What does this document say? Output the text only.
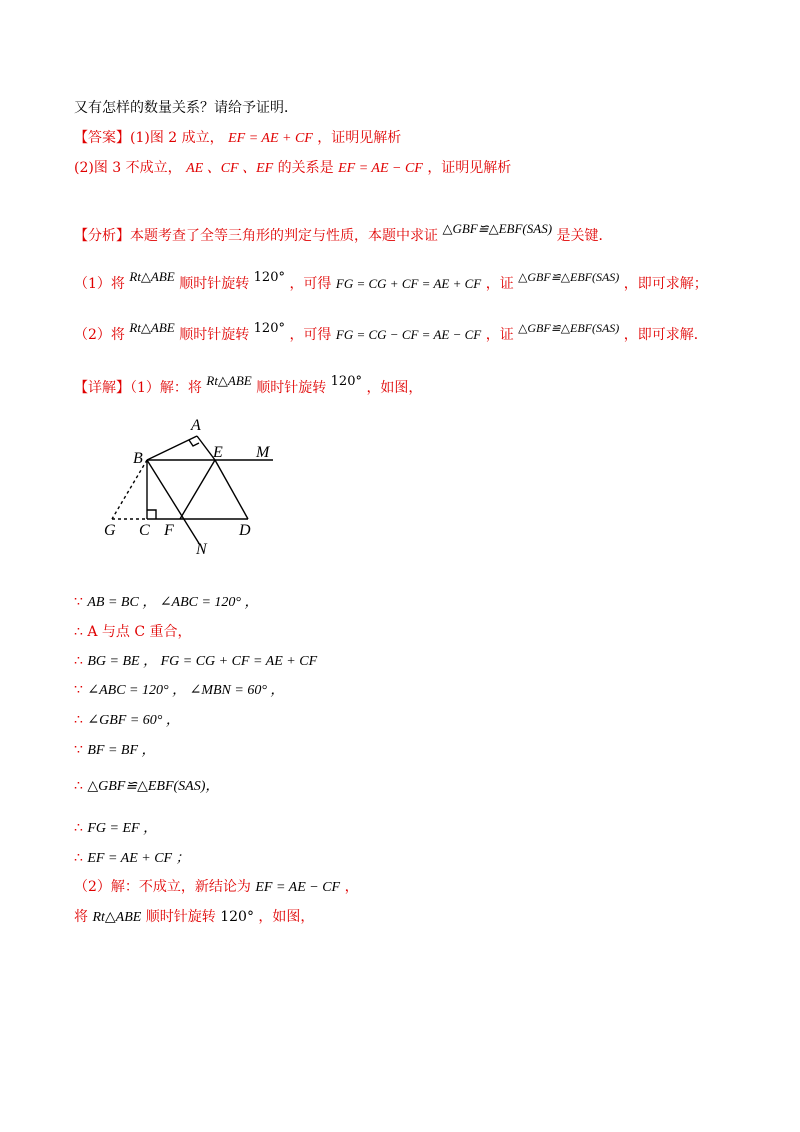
又有怎样的数量关系？请给予证明．
【答案】(1)图 2 成立， EF = AE + CF ，证明见解析
(2)图 3 不成立， AE 、CF 、EF 的关系是 EF = AE − CF ，证明见解析
【分析】本题考查了全等三角形的判定与性质，本题中求证 △GBF≌△EBF(SAS) 是关键．
（1）将 Rt△ABE 顺时针旋转 120° ，可得 FG = CG + CF = AE + CF ，证 △GBF≌△EBF(SAS) ，即可求解；
（2）将 Rt△ABE 顺时针旋转 120° ，可得 FG = CG − CF = AE − CF ，证 △GBF≌△EBF(SAS) ，即可求解．
【详解】（1）解：将 Rt△ABE 顺时针旋转 120° ，如图，
A
B	E M
G C F	D
N
∵ AB = BC ， ∠ABC = 120° ，
∴ A 与点 C 重合，
∴ BG = BE ， FG = CG + CF = AE + CF
∵ ∠ABC = 120° ， ∠MBN = 60° ，
∴ ∠GBF = 60° ，
∵ BF = BF ，
∴ △GBF≌△EBF(SAS)，
∴ FG = EF ，
∴ EF = AE + CF ；
（2）解：不成立，新结论为 EF = AE − CF ，
将 Rt△ABE 顺时针旋转 120° ，如图，
